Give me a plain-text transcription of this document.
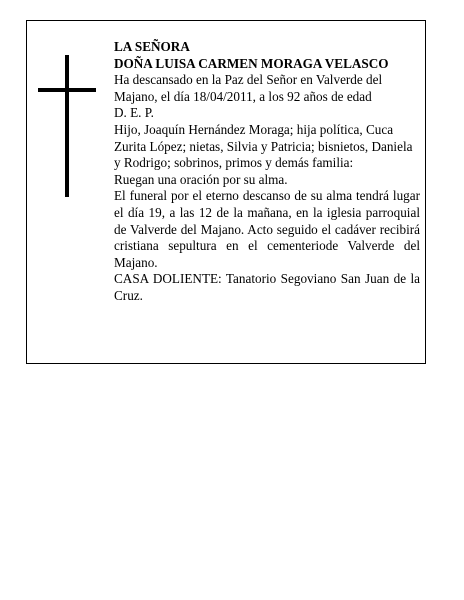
LA SEÑORA

DOÑA LUISA CARMEN MORAGA VELASCO

Ha descansado en la Paz del Señor en Valverde del Majano, el día 18/04/2011, a los 92 años de edad

D. E. P.

Hijo, Joaquín Hernández Moraga; hija política, Cuca Zurita López; nietas, Silvia y Patricia; bisnietos, Daniela y Rodrigo; sobrinos, primos y demás familia:

Ruegan una oración por su alma.

El funeral por el eterno descanso de su alma tendrá lugar el día 19, a las 12 de la mañana, en la iglesia parroquial de Valverde del Majano. Acto seguido el cadáver recibirá cristiana sepultura en el cementeriode Valverde del Majano.

CASA DOLIENTE: Tanatorio Segoviano San Juan de la Cruz.
